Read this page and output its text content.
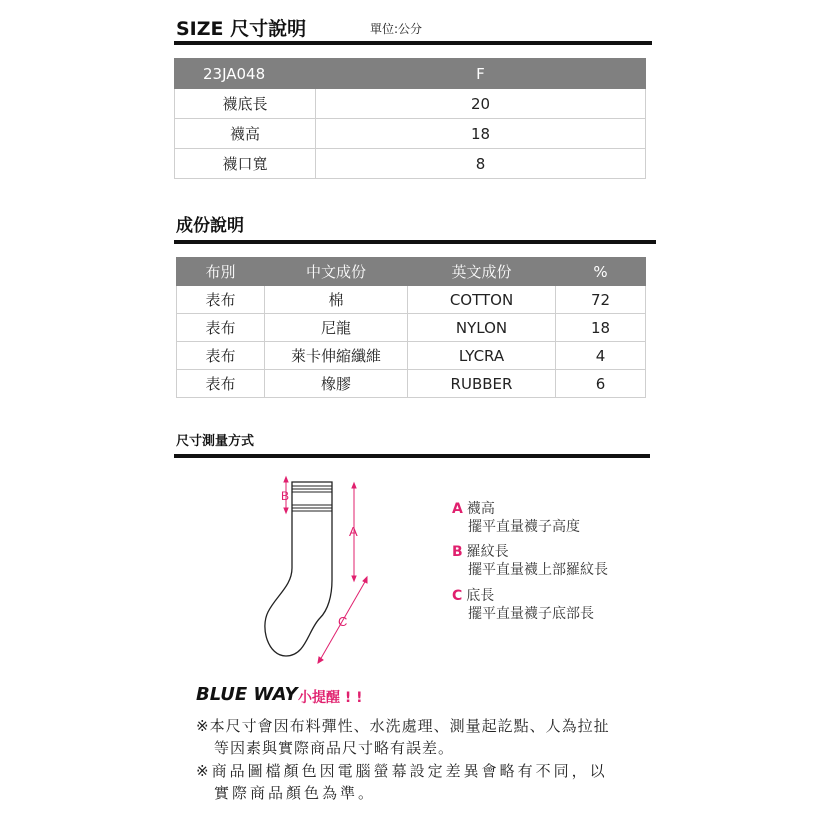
SIZE 尺寸說明	單位:公分
23JA048	F
襪底長	20
襪高	18
襪口寬	8
成份說明
布別	中文成份	英文成份	%
表布	棉	COTTON	72
表布	尼龍	NYLON	18
表布	萊卡伸縮纖維	LYCRA	4
表布	橡膠	RUBBER	6
尺寸測量方式
B
A
C
A 襪高
擺平直量襪子高度
B 羅紋長
擺平直量襪上部羅紋長
C 底長
擺平直量襪子底部長
BLUE WAY 小提醒 ! !
※本尺寸會因布料彈性、水洗處理、測量起訖點、人為拉扯
等因素與實際商品尺寸略有誤差。
※商品圖檔顏色因電腦螢幕設定差異會略有不同，以
實際商品顏色為準。
